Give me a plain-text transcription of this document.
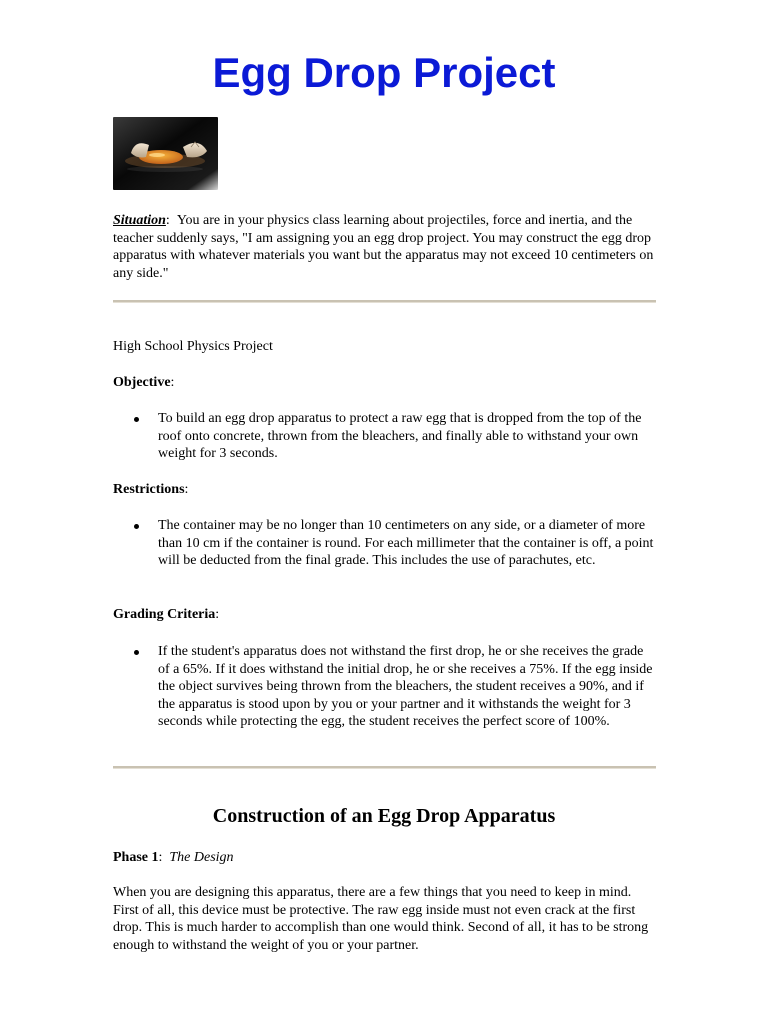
Egg Drop Project

Situation: You are in your physics class learning about projectiles, force and inertia, and the teacher suddenly says, "I am assigning you an egg drop project. You may construct the egg drop apparatus with whatever materials you want but the apparatus may not exceed 10 centimeters on any side."

High School Physics Project

Objective:

To build an egg drop apparatus to protect a raw egg that is dropped from the top of the roof onto concrete, thrown from the bleachers, and finally able to withstand your own weight for 3 seconds.

Restrictions:

The container may be no longer than 10 centimeters on any side, or a diameter of more than 10 cm if the container is round. For each millimeter that the container is off, a point will be deducted from the final grade. This includes the use of parachutes, etc.

Grading Criteria:

If the student's apparatus does not withstand the first drop, he or she receives the grade of a 65%. If it does withstand the initial drop, he or she receives a 75%. If the egg inside the object survives being thrown from the bleachers, the student receives a 90%, and if the apparatus is stood upon by you or your partner and it withstands the weight for 3 seconds while protecting the egg, the student receives the perfect score of 100%.
Construction of an Egg Drop Apparatus

Phase 1: The Design

When you are designing this apparatus, there are a few things that you need to keep in mind. First of all, this device must be protective. The raw egg inside must not even crack at the first drop. This is much harder to accomplish than one would think. Second of all, it has to be strong enough to withstand the weight of you or your partner.
